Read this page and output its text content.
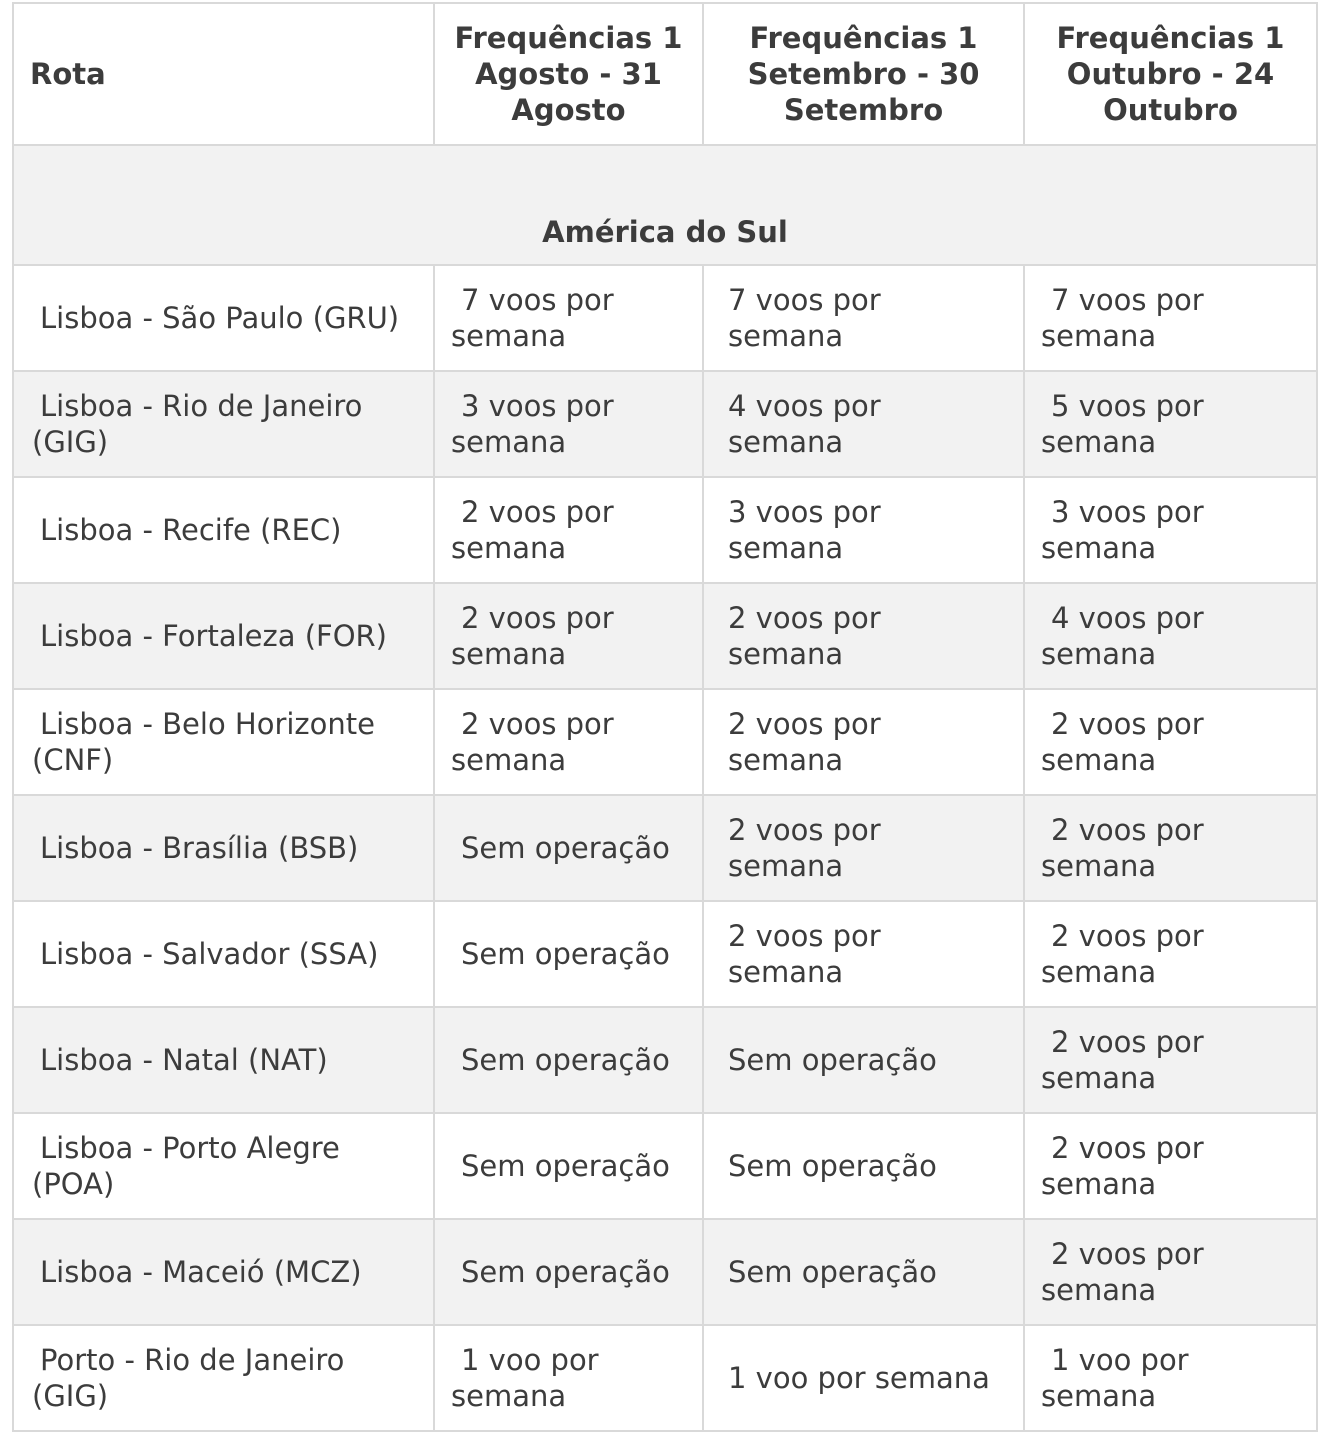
Rota	Frequências 1 Agosto - 31 Agosto	Frequências 1 Setembro - 30 Setembro	Frequências 1 Outubro - 24 Outubro
América do Sul			
Lisboa - São Paulo (GRU)	7 voos por semana	7 voos por semana	7 voos por semana
Lisboa - Rio de Janeiro (GIG)	3 voos por semana	4 voos por semana	5 voos por semana
Lisboa - Recife (REC)	2 voos por semana	3 voos por semana	3 voos por semana
Lisboa - Fortaleza (FOR)	2 voos por semana	2 voos por semana	4 voos por semana
Lisboa - Belo Horizonte (CNF)	2 voos por semana	2 voos por semana	2 voos por semana
Lisboa - Brasília (BSB)	Sem operação	2 voos por semana	2 voos por semana
Lisboa - Salvador (SSA)	Sem operação	2 voos por semana	2 voos por semana
Lisboa - Natal (NAT)	Sem operação	Sem operação	2 voos por semana
Lisboa - Porto Alegre (POA)	Sem operação	Sem operação	2 voos por semana
Lisboa - Maceió (MCZ)	Sem operação	Sem operação	2 voos por semana
Porto - Rio de Janeiro (GIG)	1 voo por semana	1 voo por semana	1 voo por semana
